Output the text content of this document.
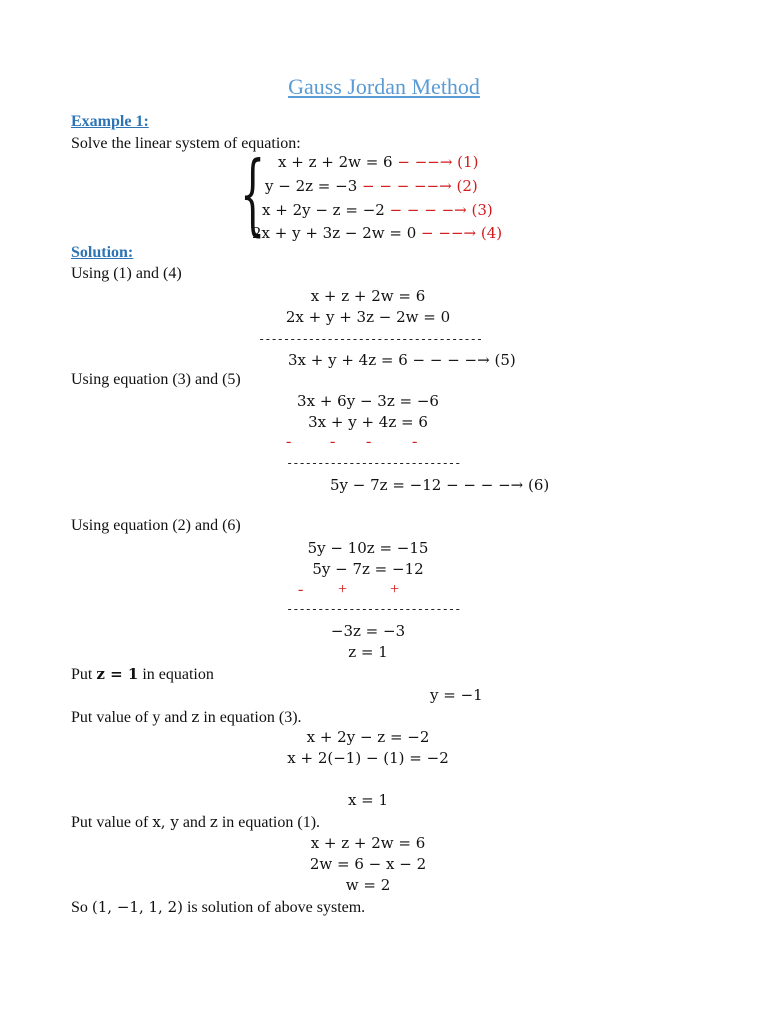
Gauss Jordan Method
Example 1:
Solve the linear system of equation:
{ x + z + 2w = 6 − −−→ (1)
y − 2z = −3 − − − −−→ (2)
x + 2y − z = −2 − − − −→ (3)
2x + y + 3z − 2w = 0 − −−→ (4)
Solution:
Using (1) and (4)
x + z + 2w = 6
2x + y + 3z − 2w = 0
------------------------------------
3x + y + 4z = 6 − − − −→ (5)
Using equation (3) and (5)
3x + 6y − 3z = −6
3x + y + 4z = 6
- - -	-
----------------------------
5y − 7z = −12 − − − −→ (6)
Using equation (2) and (6)
5y − 10z = −15
5y − 7z = −12
- +	+
----------------------------
−3z = −3
z = 1
Put z = 1 in equation
y = −1
Put value of y and z in equation (3).
x + 2y − z = −2
x + 2(−1) − (1) = −2
x = 1
Put value of x, y and z in equation (1).
x + z + 2w = 6
2w = 6 − x − 2
w = 2
So (1, −1, 1, 2) is solution of above system.
